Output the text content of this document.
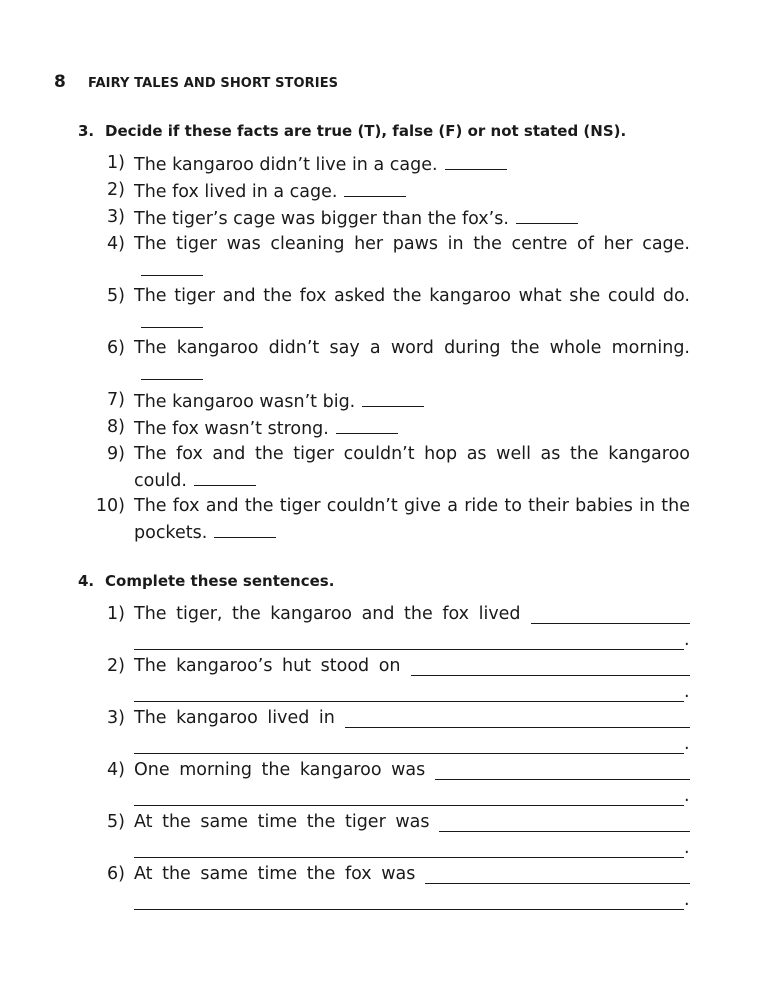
8	FAIRY TALES AND SHORT STORIES
3. Decide if these facts are true (T), false (F) or not stated (NS).
1) The kangaroo didn’t live in a cage.
2) The fox lived in a cage.
3) The tiger’s cage was bigger than the fox’s.
4) The tiger was cleaning her paws in the centre of her cage.
5) The tiger and the fox asked the kangaroo what she could do.
6) The kangaroo didn’t say a word during the whole morning.
7) The kangaroo wasn’t big.
8) The fox wasn’t strong.
9) The fox and the tiger couldn’t hop as well as the kangaroo could.
10) The fox and the tiger couldn’t give a ride to their babies in the pockets.
4. Complete these sentences.
1) The tiger, the kangaroo and the fox lived
.
2) The kangaroo’s hut stood on
.
3) The kangaroo lived in
.
4) One morning the kangaroo was
.
5) At the same time the tiger was
.
6) At the same time the fox was
.
